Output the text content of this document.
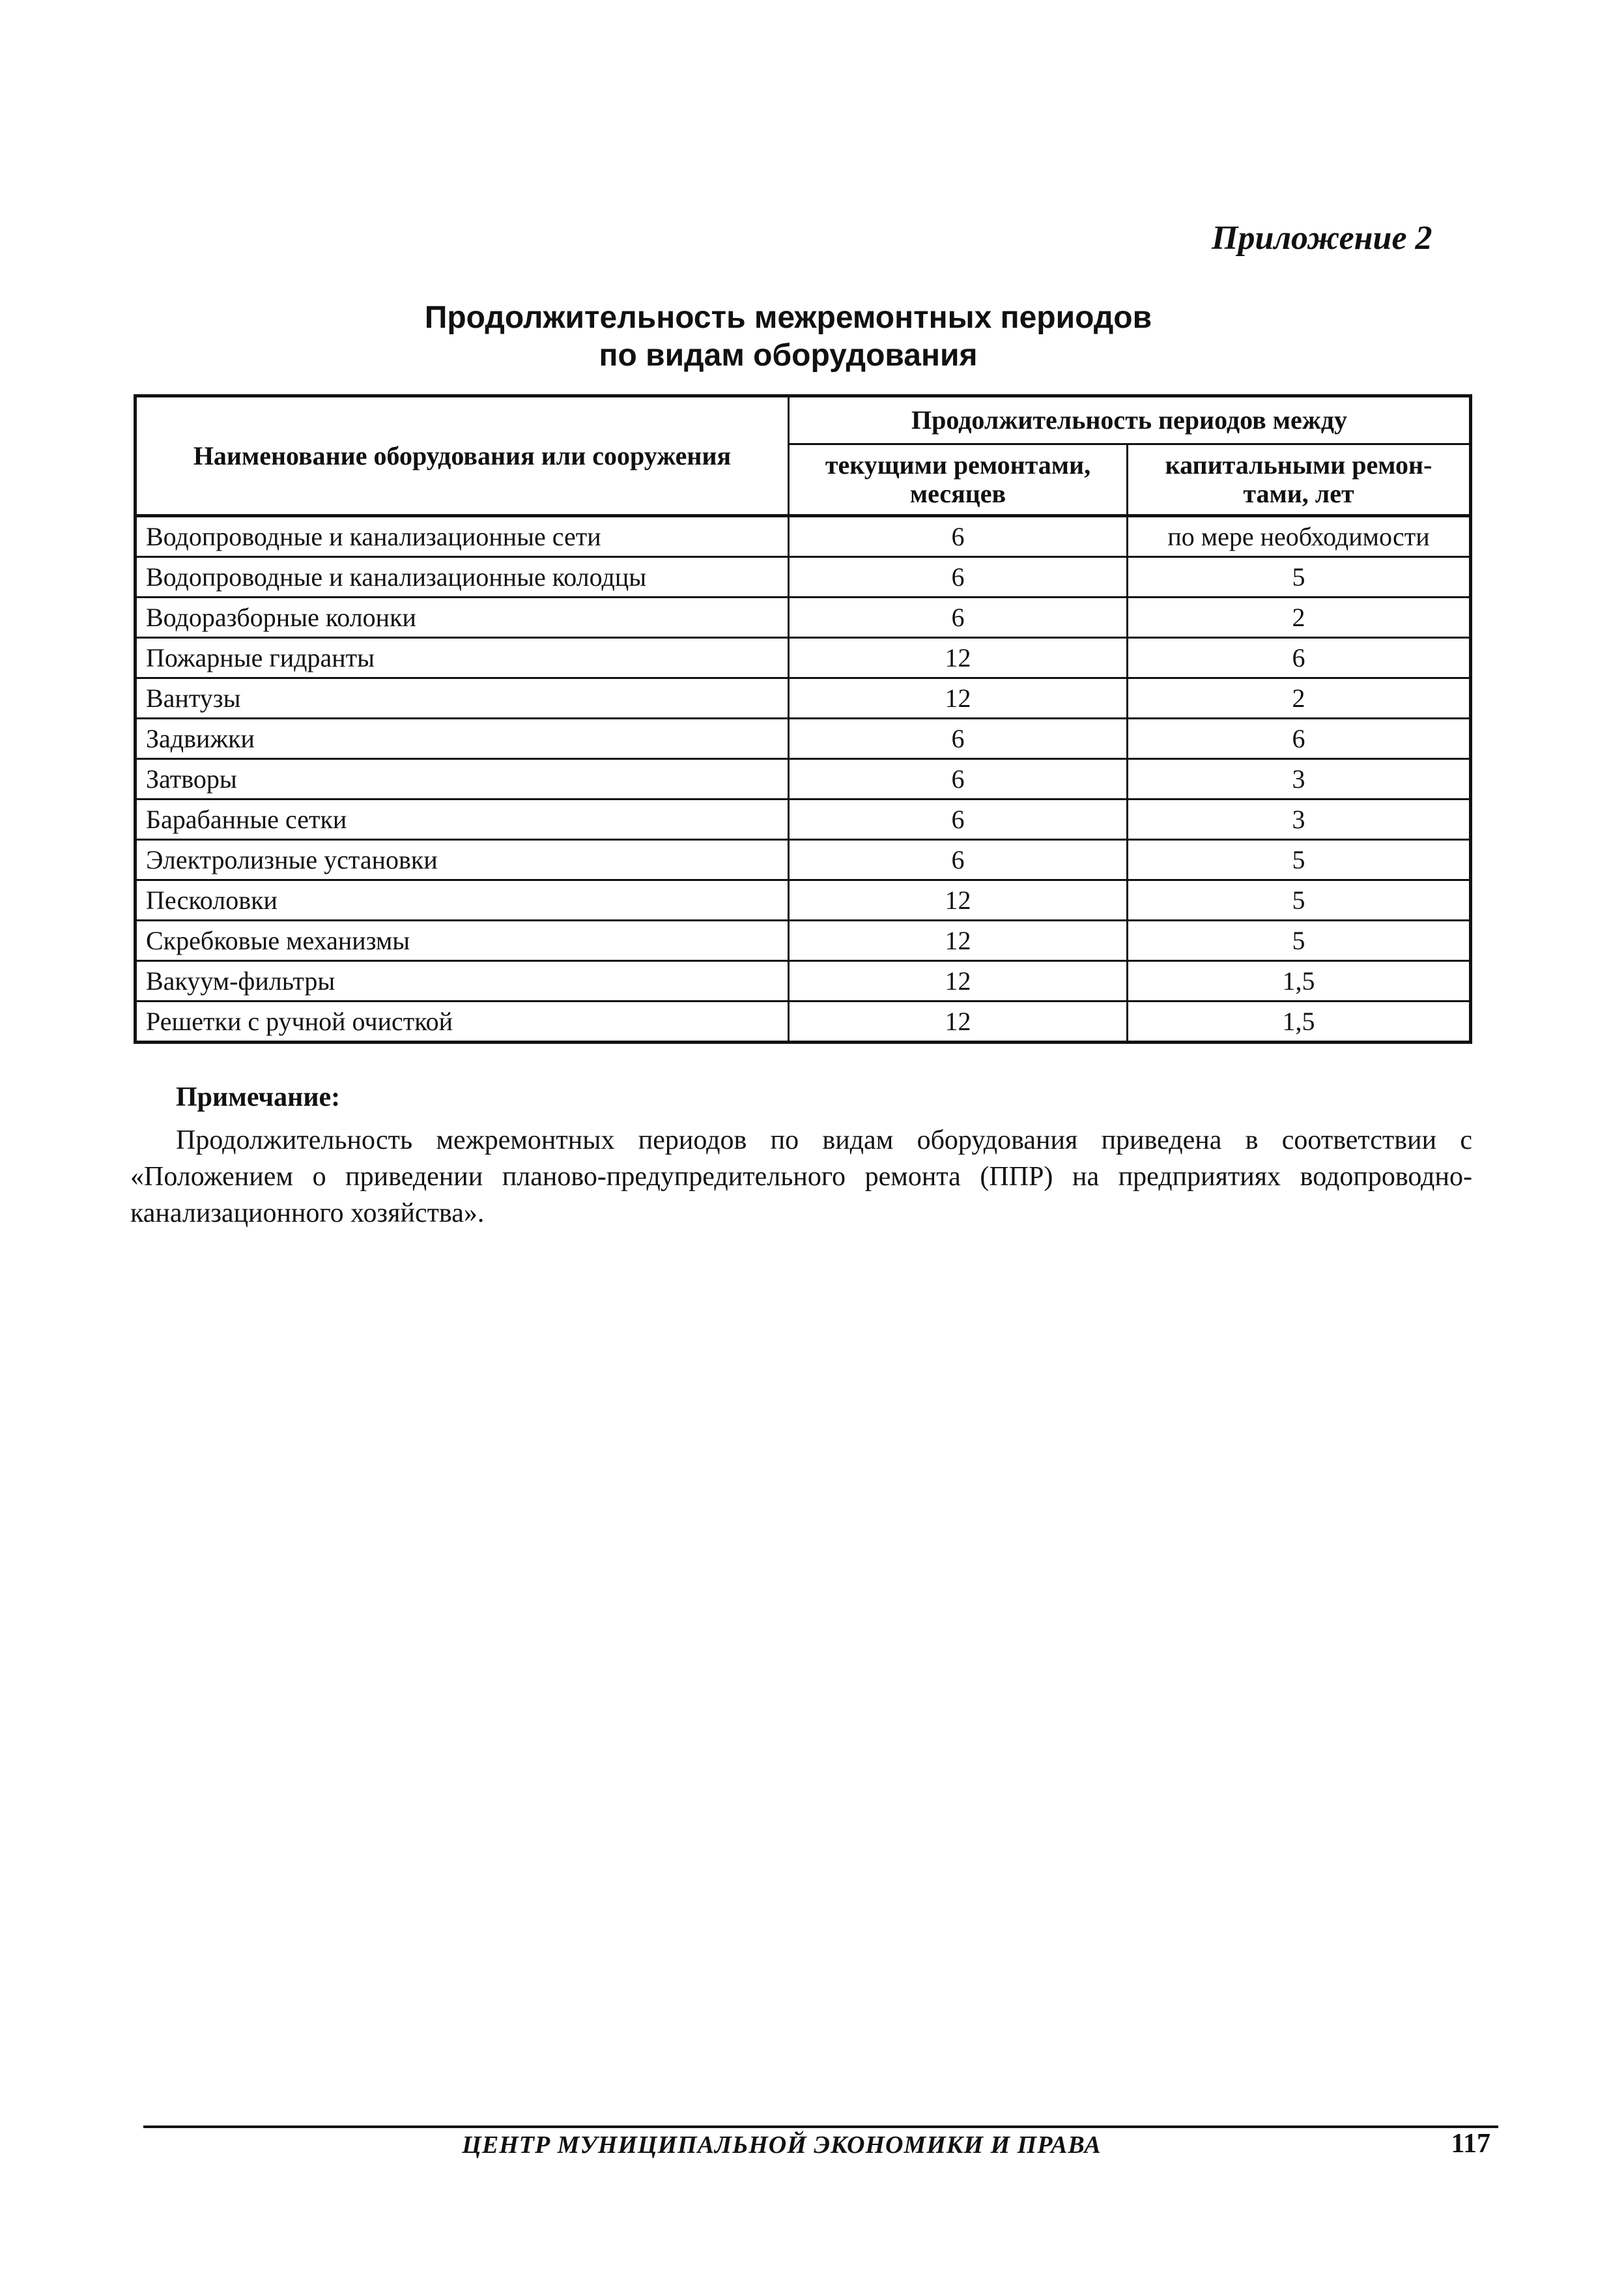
Приложение 2
Продолжительность межремонтных периодов
по видам оборудования
Наименование оборудования или сооружения	Продолжительность периодов между	
	текущими ремонтами, месяцев	капитальными ремон- тами, лет
Водопроводные и канализационные сети	6	по мере необходимости
Водопроводные и канализационные колодцы	6	5
Водоразборные колонки	6	2
Пожарные гидранты	12	6
Вантузы	12	2
Задвижки	6	6
Затворы	6	3
Барабанные сетки	6	3
Электролизные установки	6	5
Песколовки	12	5
Скребковые механизмы	12	5
Вакуум-фильтры	12	1,5
Решетки с ручной очисткой	12	1,5
Примечание:
Продолжительность межремонтных периодов по видам оборудования приведена в соответствии с «Положением о приведении планово-предупредительного ремонта (ППР) на предприятиях водопроводно-канализационного хозяйства».
ЦЕНТР МУНИЦИПАЛЬНОЙ ЭКОНОМИКИ И ПРАВА	117
